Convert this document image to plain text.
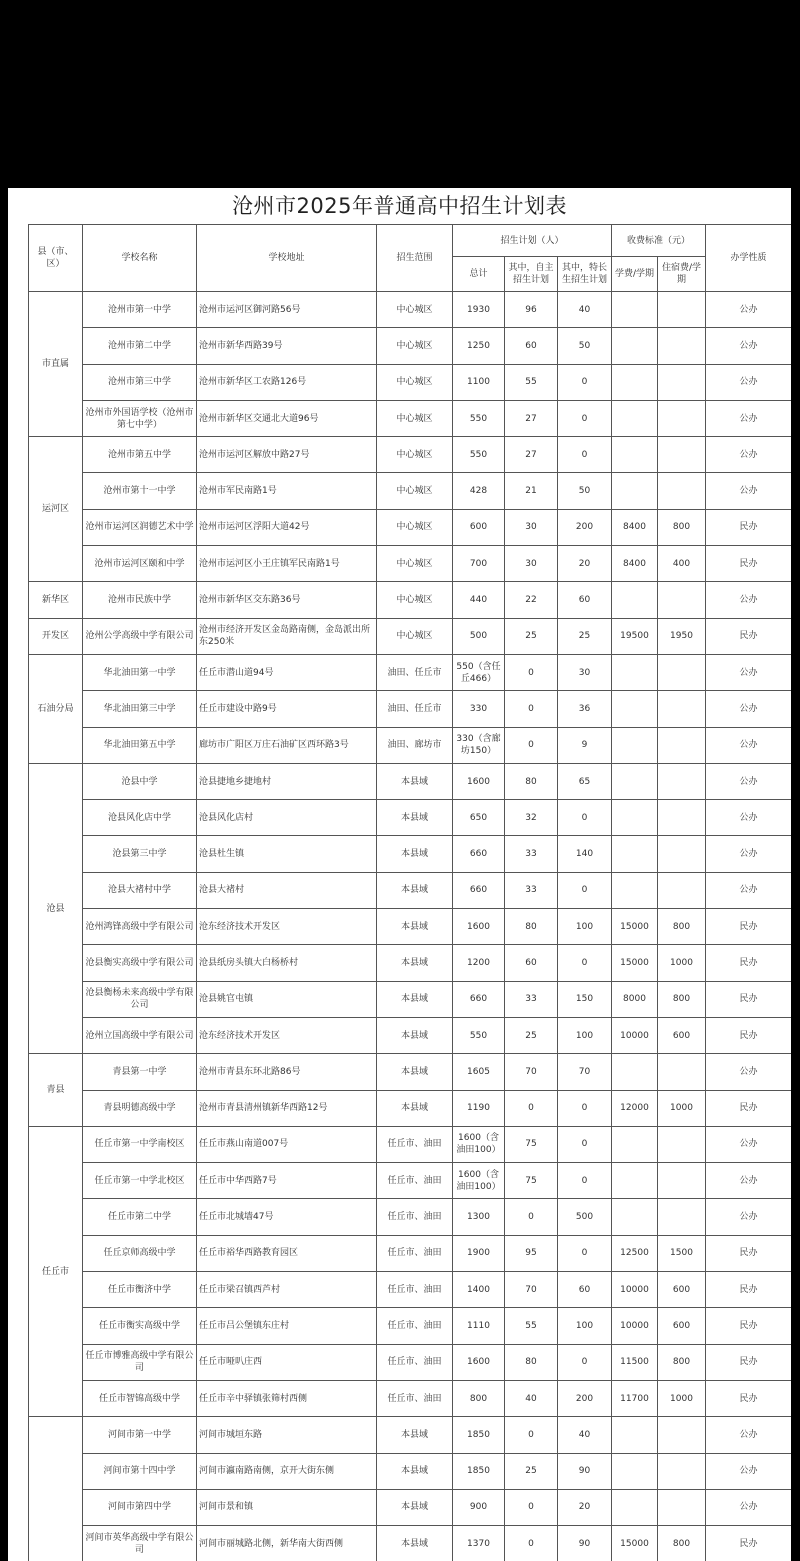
沧州市2025年普通高中招生计划表
县（市、区）	学校名称	学校地址	招生范围	招生计划（人）			收费标准（元）		办学性质
				总计	其中，自主招生计划	其中，特长生招生计划	学费/学期	住宿费/学期	
市直属	沧州市第一中学	沧州市运河区御河路56号	中心城区	1930	96	40			公办
	沧州市第二中学	沧州市新华西路39号	中心城区	1250	60	50			公办
	沧州市第三中学	沧州市新华区工农路126号	中心城区	1100	55	0			公办
	沧州市外国语学校（沧州市第七中学）	沧州市新华区交通北大道96号	中心城区	550	27	0			公办
运河区	沧州市第五中学	沧州市运河区解放中路27号	中心城区	550	27	0			公办
	沧州市第十一中学	沧州市军民南路1号	中心城区	428	21	50			公办
	沧州市运河区润德艺术中学	沧州市运河区浮阳大道42号	中心城区	600	30	200	8400	800	民办
	沧州市运河区颐和中学	沧州市运河区小王庄镇军民南路1号	中心城区	700	30	20	8400	400	民办
新华区	沧州市民族中学	沧州市新华区交东路36号	中心城区	440	22	60			公办
开发区	沧州公学高级中学有限公司	沧州市经济开发区金岛路南侧，金岛派出所东250米	中心城区	500	25	25	19500	1950	民办
石油分局	华北油田第一中学	任丘市潜山道94号	油田、任丘市	550（含任丘466）	0	30			公办
	华北油田第三中学	任丘市建设中路9号	油田、任丘市	330	0	36			公办
	华北油田第五中学	廊坊市广阳区万庄石油矿区西环路3号	油田、廊坊市	330（含廊坊150）	0	9			公办
沧县	沧县中学	沧县捷地乡捷地村	本县域	1600	80	65			公办
	沧县风化店中学	沧县风化店村	本县域	650	32	0			公办
	沧县第三中学	沧县杜生镇	本县域	660	33	140			公办
	沧县大褚村中学	沧县大褚村	本县域	660	33	0			公办
	沧州鸿锋高级中学有限公司	沧东经济技术开发区	本县域	1600	80	100	15000	800	民办
	沧县衡实高级中学有限公司	沧县纸房头镇大白杨桥村	本县域	1200	60	0	15000	1000	民办
	沧县衡杨未来高级中学有限公司	沧县姚官屯镇	本县域	660	33	150	8000	800	民办
	沧州立国高级中学有限公司	沧东经济技术开发区	本县域	550	25	100	10000	600	民办
青县	青县第一中学	沧州市青县东环北路86号	本县域	1605	70	70			公办
	青县明德高级中学	沧州市青县清州镇新华西路12号	本县域	1190	0	0	12000	1000	民办
任丘市	任丘市第一中学南校区	任丘市燕山南道007号	任丘市、油田	1600（含油田100）	75	0			公办
	任丘市第一中学北校区	任丘市中华西路7号	任丘市、油田	1600（含油田100）	75	0			公办
	任丘市第二中学	任丘市北城墙47号	任丘市、油田	1300	0	500			公办
	任丘京师高级中学	任丘市裕华西路教育园区	任丘市、油田	1900	95	0	12500	1500	民办
	任丘市衡济中学	任丘市梁召镇西芦村	任丘市、油田	1400	70	60	10000	600	民办
	任丘市衡实高级中学	任丘市吕公堡镇东庄村	任丘市、油田	1110	55	100	10000	600	民办
	任丘市博雅高级中学有限公司	任丘市哑叭庄西	任丘市、油田	1600	80	0	11500	800	民办
	任丘市智锦高级中学	任丘市辛中驿镇张筛村西侧	任丘市、油田	800	40	200	11700	1000	民办
	河间市第一中学	河间市城垣东路	本县域	1850	0	40			公办
	河间市第十四中学	河间市瀛南路南侧，京开大街东侧	本县域	1850	25	90			公办
	河间市第四中学	河间市景和镇	本县域	900	0	20			公办
	河间市英华高级中学有限公司	河间市丽城路北侧，新华南大街西侧	本县域	1370	0	90	15000	800	民办
